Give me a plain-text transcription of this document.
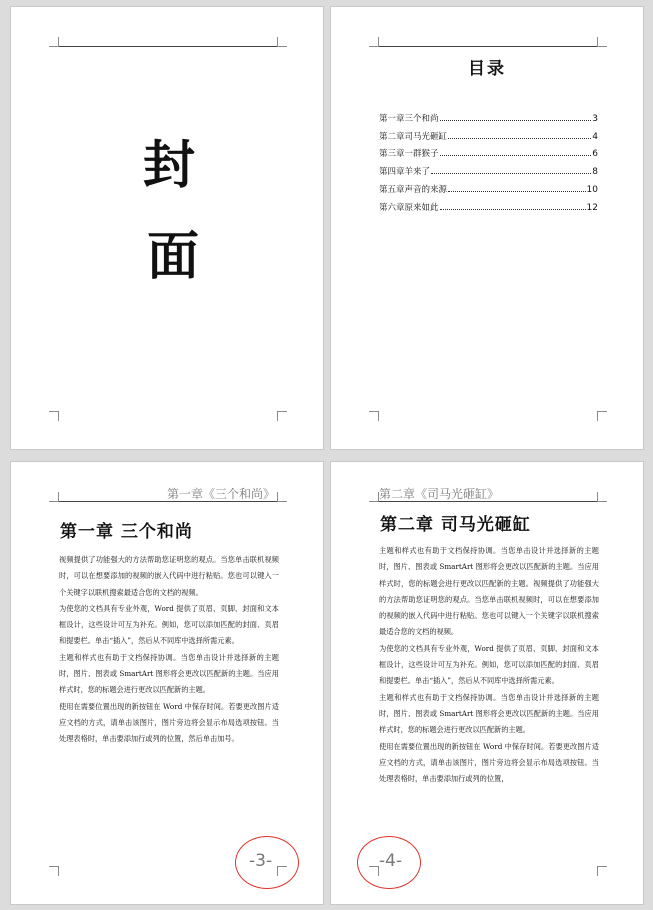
封
面
目录
第一章三个和尚	3
第二章司马光砸缸	4
第三章一群猴子	6
第四章羊来了	8
第五章声音的来源	10
第六章原来如此	12
第一章《三个和尚》
第一章 三个和尚

视频提供了功能强大的方法帮助您证明您的观点。当您单击联机视频时，可以在想要添加的视频的嵌入代码中进行粘贴。您也可以键入一个关键字以联机搜索最适合您的文档的视频。

为使您的文档具有专业外观，Word 提供了页眉、页脚、封面和文本框设计，这些设计可互为补充。例如，您可以添加匹配的封面、页眉和提要栏。单击“插入”，然后从不同库中选择所需元素。

主题和样式也有助于文档保持协调。当您单击设计并选择新的主题时，图片、图表或 SmartArt 图形将会更改以匹配新的主题。当应用样式时，您的标题会进行更改以匹配新的主题。

使用在需要位置出现的新按钮在 Word 中保存时间。若要更改图片适应文档的方式，请单击该图片，图片旁边将会显示布局选项按钮。当处理表格时，单击要添加行或列的位置，然后单击加号。

-3-
第二章《司马光砸缸》
第二章 司马光砸缸

主题和样式也有助于文档保持协调。当您单击设计并选择新的主题时，图片、图表或 SmartArt 图形将会更改以匹配新的主题。当应用样式时，您的标题会进行更改以匹配新的主题。视频提供了功能强大的方法帮助您证明您的观点。当您单击联机视频时，可以在想要添加的视频的嵌入代码中进行粘贴。您也可以键入一个关键字以联机搜索最适合您的文档的视频。

为使您的文档具有专业外观，Word 提供了页眉、页脚、封面和文本框设计，这些设计可互为补充。例如，您可以添加匹配的封面、页眉和提要栏。单击“插入”，然后从不同库中选择所需元素。

主题和样式也有助于文档保持协调。当您单击设计并选择新的主题时，图片、图表或 SmartArt 图形将会更改以匹配新的主题。当应用样式时，您的标题会进行更改以匹配新的主题。

使用在需要位置出现的新按钮在 Word 中保存时间。若要更改图片适应文档的方式，请单击该图片，图片旁边将会显示布局选项按钮。当处理表格时，单击要添加行或列的位置，

-4-
